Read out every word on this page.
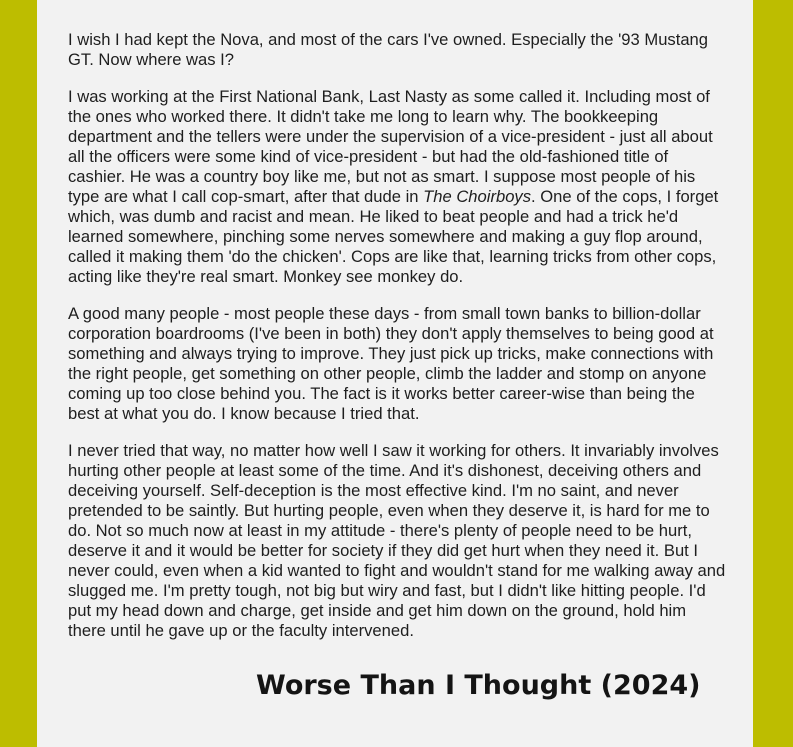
I wish I had kept the Nova, and most of the cars I've owned. Especially the '93 Mustang GT. Now where was I?

I was working at the First National Bank, Last Nasty as some called it. Including most of the ones who worked there. It didn't take me long to learn why. The bookkeeping department and the tellers were under the supervision of a vice-president - just all about all the officers were some kind of vice-president - but had the old-fashioned title of cashier. He was a country boy like me, but not as smart. I suppose most people of his type are what I call cop-smart, after that dude in The Choirboys. One of the cops, I forget which, was dumb and racist and mean. He liked to beat people and had a trick he'd learned somewhere, pinching some nerves somewhere and making a guy flop around, called it making them 'do the chicken'. Cops are like that, learning tricks from other cops, acting like they're real smart. Monkey see monkey do.

A good many people - most people these days - from small town banks to billion-dollar corporation boardrooms (I've been in both) they don't apply themselves to being good at something and always trying to improve. They just pick up tricks, make connections with the right people, get something on other people, climb the ladder and stomp on anyone coming up too close behind you. The fact is it works better career-wise than being the best at what you do. I know because I tried that.

I never tried that way, no matter how well I saw it working for others. It invariably involves hurting other people at least some of the time. And it's dishonest, deceiving others and deceiving yourself. Self-deception is the most effective kind. I'm no saint, and never pretended to be saintly. But hurting people, even when they deserve it, is hard for me to do. Not so much now at least in my attitude - there's plenty of people need to be hurt, deserve it and it would be better for society if they did get hurt when they need it. But I never could, even when a kid wanted to fight and wouldn't stand for me walking away and slugged me. I'm pretty tough, not big but wiry and fast, but I didn't like hitting people. I'd put my head down and charge, get inside and get him down on the ground, hold him there until he gave up or the faculty intervened.

Worse Than I Thought (2024)
